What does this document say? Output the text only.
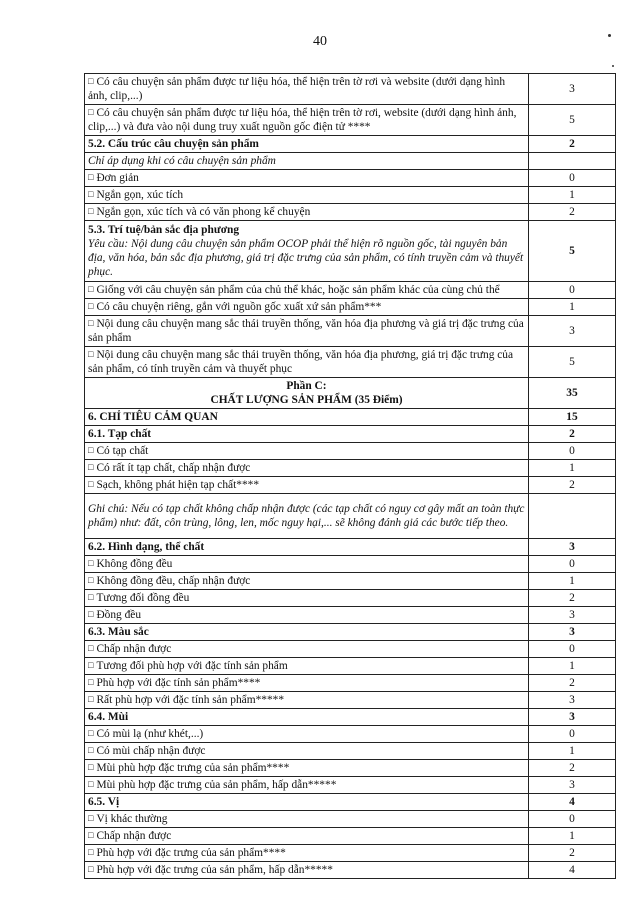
40
□ Có câu chuyện sản phẩm được tư liệu hóa, thể hiện trên tờ rơi và website (dưới dạng hình ảnh, clip,...)	3
□ Có câu chuyện sản phẩm được tư liệu hóa, thể hiện trên tờ rơi, website (dưới dạng hình ảnh, clip,...) và đưa vào nội dung truy xuất nguồn gốc điện tử ****	5
5.2. Cấu trúc câu chuyện sản phẩm	2
Chỉ áp dụng khi có câu chuyện sản phẩm	
□ Đơn giản	0
□ Ngắn gọn, xúc tích	1
□ Ngắn gọn, xúc tích và có văn phong kể chuyện	2

5.3. Trí tuệ/bản sắc địa phương
Yêu cầu: Nội dung câu chuyện sản phẩm OCOP phải thể hiện rõ nguồn gốc, tài nguyên bản địa, văn hóa, bản sắc địa phương, giá trị đặc trưng của sản phẩm, có tính truyền cảm và thuyết phục.	5
□ Giống với câu chuyện sản phẩm của chủ thể khác, hoặc sản phẩm khác của cùng chủ thể	0
□ Có câu chuyện riêng, gắn với nguồn gốc xuất xứ sản phẩm***	1
□ Nội dung câu chuyện mang sắc thái truyền thống, văn hóa địa phương và giá trị đặc trưng của sản phẩm	3
□ Nội dung câu chuyện mang sắc thái truyền thống, văn hóa địa phương, giá trị đặc trưng của sản phẩm, có tính truyền cảm và thuyết phục	5

Phần C:
CHẤT LƯỢNG SẢN PHẨM (35 Điểm)	35
6. CHỈ TIÊU CẢM QUAN	15
6.1. Tạp chất	2
□ Có tạp chất	0
□ Có rất ít tạp chất, chấp nhận được	1
□ Sạch, không phát hiện tạp chất****	2
Ghi chú: Nếu có tạp chất không chấp nhận được (các tạp chất có nguy cơ gây mất an toàn thực phẩm) như: đất, côn trùng, lông, len, mốc nguy hại,... sẽ không đánh giá các bước tiếp theo.	
6.2. Hình dạng, thể chất	3
□ Không đồng đều	0
□ Không đồng đều, chấp nhận được	1
□ Tương đối đồng đều	2
□ Đồng đều	3
6.3. Màu sắc	3
□ Chấp nhận được	0
□ Tương đối phù hợp với đặc tính sản phẩm	1
□ Phù hợp với đặc tính sản phẩm****	2
□ Rất phù hợp với đặc tính sản phẩm*****	3
6.4. Mùi	3
□ Có mùi lạ (như khét,...)	0
□ Có mùi chấp nhận được	1
□ Mùi phù hợp đặc trưng của sản phẩm****	2
□ Mùi phù hợp đặc trưng của sản phẩm, hấp dẫn*****	3
6.5. Vị	4
□ Vị khác thường	0
□ Chấp nhận được	1
□ Phù hợp với đặc trưng của sản phẩm****	2
□ Phù hợp với đặc trưng của sản phẩm, hấp dẫn*****	4
